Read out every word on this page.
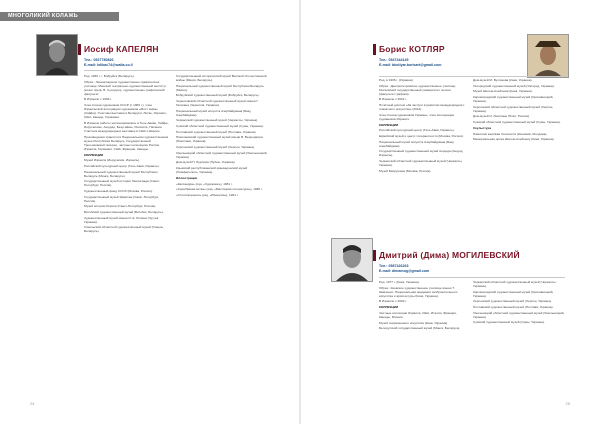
МНОГОЛИКИЙ КОЛАЖЬ
Иосиф КАПЕЛЯН
Тел.: 0527780826
E-mail: lolikac74@walla.co.il

Род. 1936 г. г. Бобруйск (Беларусь).

Образ.: Ленинградское художественно-графическое училище; Минский театрально-художественный институт (класс проф. В. Сухоруко), художественно-графический факультет.

В Израиле с 1996 г.

Член Союза художников СССР (с 1969 г.), член Израильской ассоциации художников «Мост мира» (Хайфа). Участник выставок в Беларуси, Литве, Израиле, США, Канаде, Германии.

В Израиле работы экспонировались в Тель-Авиве, Хайфе, Иерусалиме, Ашдоде, Беэр-Шеве, Реховоте, Натании. Участник международных выставок в США и Европе.

Произведения хранятся в Национальном художественном музее Республики Беларусь, Государственной Третьяковской галерее, частных коллекциях России, Израиля, Германии, США, Франции, Канады.

КОЛЛЕКЦИИ

Музей Израиля (Иерусалим, Израиль).

Российский культурный центр (Тель-Авив, Израиль).

Национальный художественный музей Республики Беларусь (Минск, Беларусь).

Государственный музей истории Ленинграда (Санкт-Петербург, Россия).

Художественный фонд СССР (Москва, Россия).

Государственный музей Эрмитаж (Санкт-Петербург, Россия).

Музей истории Рериха (Санкт-Петербург, Россия).

Витебский художественный музей (Витебск, Беларусь).

Художественный музей имени И. Е. Репина (Чугуев, Украина).

Гомельский областной художественный музей (Гомель, Беларусь).

Государственный исторический музей Великой Отечественной войны (Минск, Беларусь).

Национальный художественный музей Республики Беларусь (Минск).

Бобруйский художественный музей (Бобруйск, Беларусь).

Черниговский областной художественный музей имени Г. Галагана (Чернигов, Украина).

Национальный музей искусств Азербайджана (Баку, Азербайджан).

Черкасский художественный музей (Черкассы, Украина).

Сумский областной художественный музей (Сумы, Украина).

Полтавский художественный музей (Полтава, Украина).

Николаевский художественный музей имени В. Верещагина (Николаев, Украина).

Херсонский художественный музей (Херсон, Украина).

Хмельницкий областной художественный музей (Хмельницкий, Украина).

Дом-музей Н. Бурлюка (Лубны, Украина).

Крымский республиканский краеведческий музей (Симферополь, Украина).

Иллюстрации

«Кассандра» (изд. «Художник»), 1981 г.

«Серебряная ветка» (изд. «Мастацкая литература»), 1985 г.

«Стихотворения» (изд. «Юнацтва»), 1991 г.

24
Борис КОТЛЯР
Тел.: 0547444149
E-mail: bkotlyar.borisart@gmail.com

Род. в 1936 г. (Украина).

Образ.: Днепропетровское художественное училище; Московский государственный университет печати (факультет графики).

В Израиле с 2001 г.

Почётный диплом «За заслуги в развитии международного плакатного искусства» (2012).

Член Союза художников Украины, член Ассоциации художников Израиля.

КОЛЛЕКЦИИ

Российский культурный центр (Тель-Авив, Израиль).

Еврейский музей и центр толерантности (Москва, Россия).

Национальный музей искусств Азербайджана (Баку, Азербайджан).

Государственный художественный музей Ашдода (Ашдод, Израиль).

Черкасский областной художественный музей (Черкассы, Украина).

Музей Бахрушина (Москва, Россия).

Дом-музей М. Булгакова (Киев, Украина).

Ужгородский художественный музей (Ужгород, Украина).

Музей Шолом-Алейхема (Киев, Украина).

Кировоградский художественный музей (Кропивницкий, Украина).

Херсонский областной художественный музей (Херсон, Украина).

Дом-музей И. Левитана (Плёс, Россия).

Сумский областной художественный музей (Сумы, Украина).

Скульптура

Памятник жертвам Холокоста (Кишинёв, Молдова).

Мемориальная доска Шолом-Алейхему (Киев, Украина).

Дмитрий (Дима) МОГИЛЕВСКИЙ
Тел.: 0587426263
E-mail: dimamog@gmail.com

Род. 1977 г. (Киев, Украина).

Образ.: Киевское художественное училище имени Т. Шевченко; Национальная академия изобразительного искусства и архитектуры (Киев, Украина).

В Израиле с 2002 г.

КОЛЛЕКЦИИ

Частные коллекции Израиля, США, Италии, Франции, Канады, Японии.

Музей современного искусства (Киев, Украина).

Белорусский государственный музей (Минск, Беларусь).

Черкасский областной художественный музей (Черкассы, Украина).

Кировоградский художественный музей (Кропивницкий, Украина).

Херсонский художественный музей (Херсон, Украина).

Полтавский художественный музей (Полтава, Украина).

Хмельницкий областной художественный музей (Хмельницкий, Украина).

Сумский художественный музей (Сумы, Украина).

25
